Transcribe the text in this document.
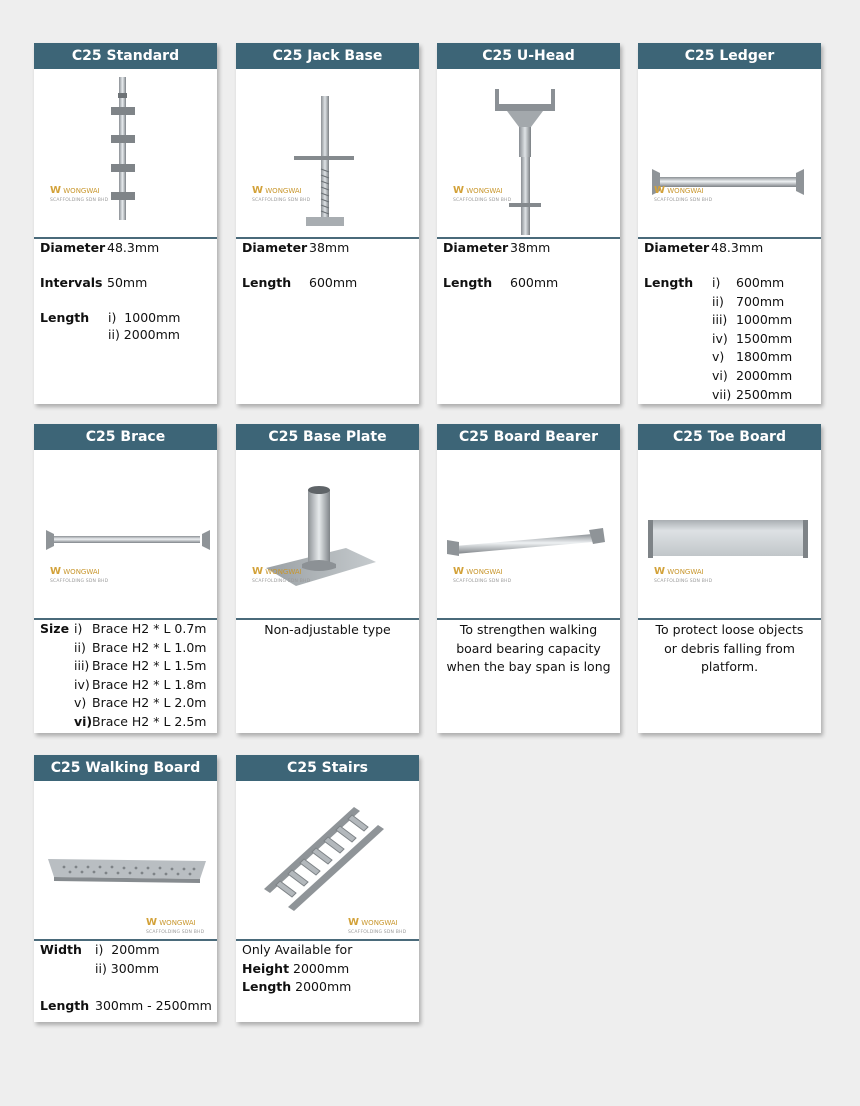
C25 Standard
W WONGWAI
SCAFFOLDING SDN BHD
Diameter 48.3mm
Intervals 50mm
Length i)  1000mm
ii) 2000mm
C25 Jack Base
W WONGWAI
SCAFFOLDING SDN BHD
Diameter 38mm
Length 600mm
C25 U-Head
W WONGWAI
SCAFFOLDING SDN BHD
Diameter 38mm
Length 600mm
C25 Ledger
W WONGWAI
SCAFFOLDING SDN BHD
Diameter 48.3mm
Length i) 600mm
ii) 700mm
iii) 1000mm
iv) 1500mm
v) 1800mm
vi) 2000mm
vii) 2500mm
C25 Brace
W WONGWAI
SCAFFOLDING SDN BHD
Size i) Brace H2 * L 0.7m
ii) Brace H2 * L 1.0m
iii) Brace H2 * L 1.5m
iv) Brace H2 * L 1.8m
v) Brace H2 * L 2.0m
vi) Brace H2 * L 2.5m
C25 Base Plate
W WONGWAI
SCAFFOLDING SDN BHD
Non-adjustable type
C25 Board Bearer
W WONGWAI
SCAFFOLDING SDN BHD
To strengthen walking
board bearing capacity
when the bay span is long
C25 Toe Board
W WONGWAI
SCAFFOLDING SDN BHD
To protect loose objects
or debris falling from
platform.
C25 Walking Board
W WONGWAI
SCAFFOLDING SDN BHD
Width i)  200mm
ii) 300mm
Length 300mm - 2500mm
C25 Stairs
W WONGWAI
SCAFFOLDING SDN BHD
Only Available for
Height 2000mm
Length 2000mm
